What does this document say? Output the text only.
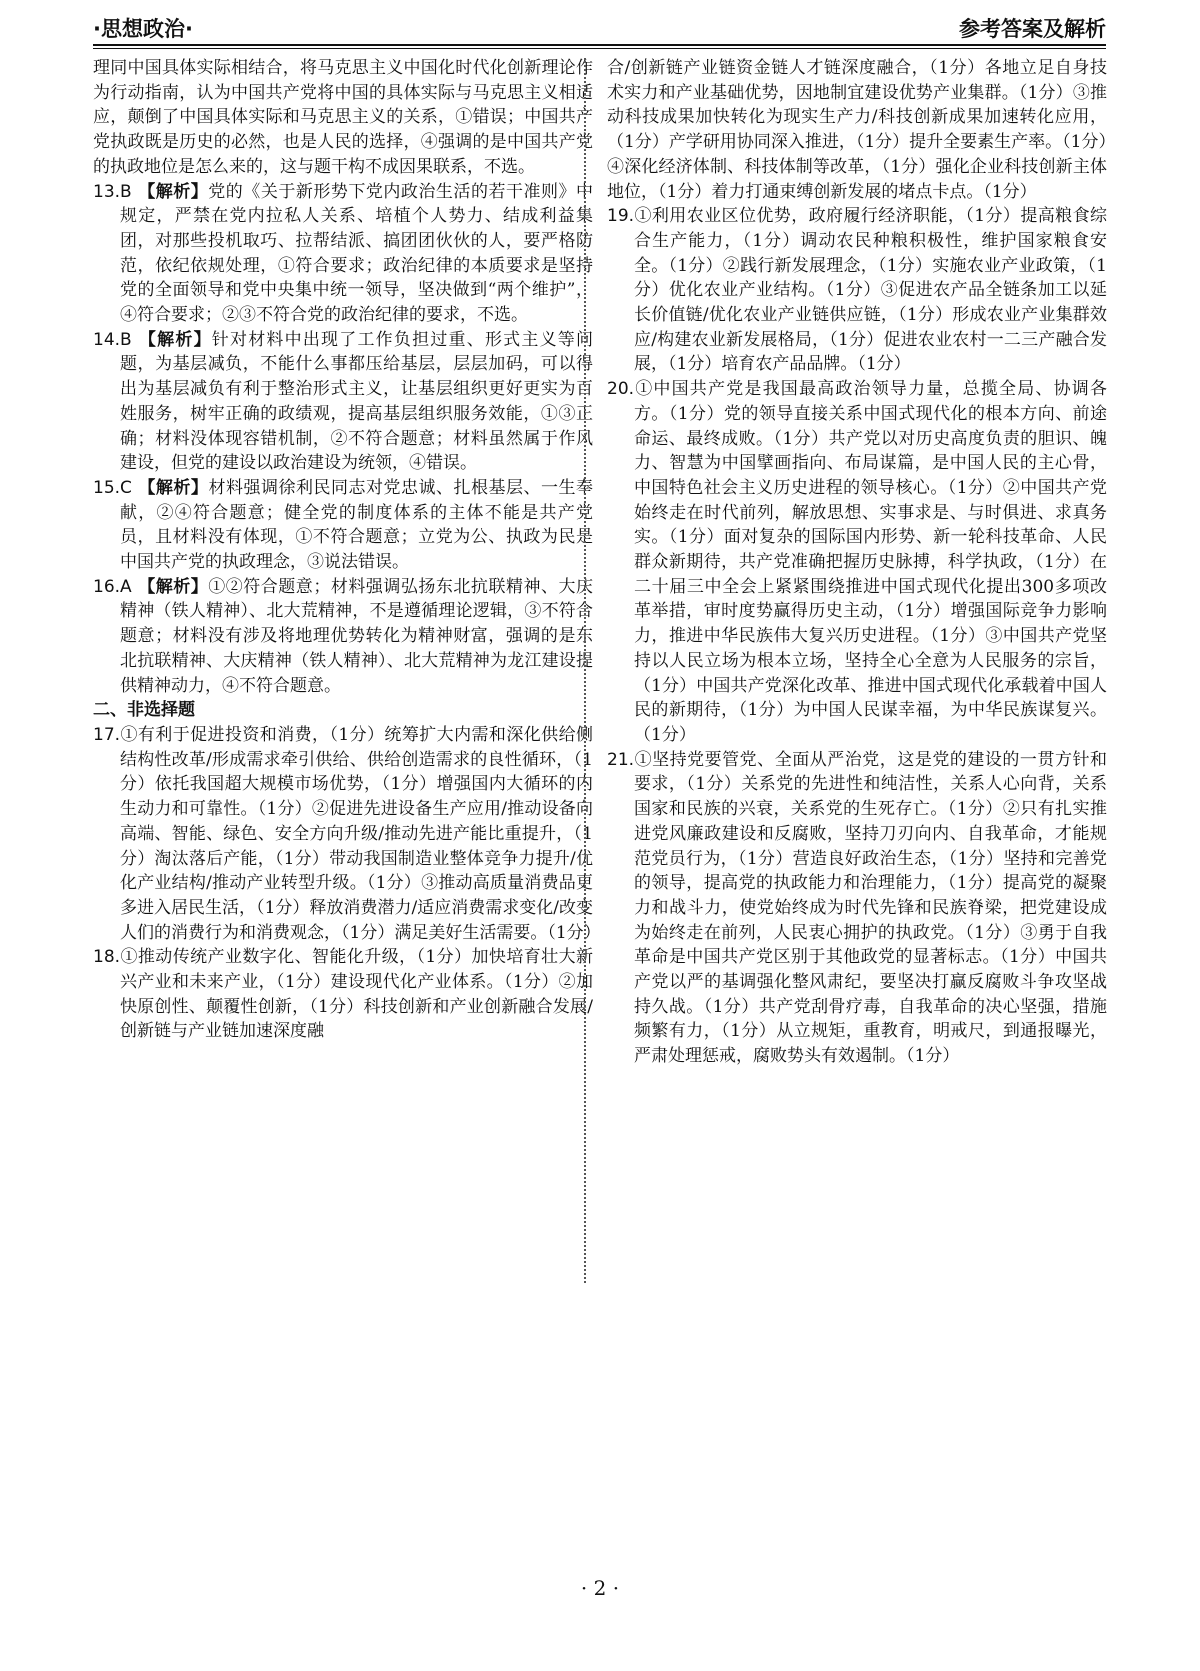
·思想政治·	参考答案及解析

理同中国具体实际相结合，将马克思主义中国化时代化创新理论作为行动指南，认为中国共产党将中国的具体实际与马克思主义相适应，颠倒了中国具体实际和马克思主义的关系，①错误；中国共产党执政既是历史的必然，也是人民的选择，④强调的是中国共产党的执政地位是怎么来的，这与题干构不成因果联系，不选。

13.B 【解析】党的《关于新形势下党内政治生活的若干准则》中规定，严禁在党内拉私人关系、培植个人势力、结成利益集团，对那些投机取巧、拉帮结派、搞团团伙伙的人，要严格防范，依纪依规处理，①符合要求；政治纪律的本质要求是坚持党的全面领导和党中央集中统一领导，坚决做到“两个维护”，④符合要求；②③不符合党的政治纪律的要求，不选。

14.B 【解析】针对材料中出现了工作负担过重、形式主义等问题，为基层减负，不能什么事都压给基层，层层加码，可以得出为基层减负有利于整治形式主义，让基层组织更好更实为百姓服务，树牢正确的政绩观，提高基层组织服务效能，①③正确；材料没体现容错机制，②不符合题意；材料虽然属于作风建设，但党的建设以政治建设为统领，④错误。

15.C 【解析】材料强调徐利民同志对党忠诚、扎根基层、一生奉献，②④符合题意；健全党的制度体系的主体不能是共产党员，且材料没有体现，①不符合题意；立党为公、执政为民是中国共产党的执政理念，③说法错误。

16.A 【解析】①②符合题意；材料强调弘扬东北抗联精神、大庆精神（铁人精神）、北大荒精神，不是遵循理论逻辑，③不符合题意；材料没有涉及将地理优势转化为精神财富，强调的是东北抗联精神、大庆精神（铁人精神）、北大荒精神为龙江建设提供精神动力，④不符合题意。

二、非选择题

17.①有利于促进投资和消费，（1分）统筹扩大内需和深化供给侧结构性改革/形成需求牵引供给、供给创造需求的良性循环，（1分）依托我国超大规模市场优势，（1分）增强国内大循环的内生动力和可靠性。（1分）②促进先进设备生产应用/推动设备向高端、智能、绿色、安全方向升级/推动先进产能比重提升，（1分）淘汰落后产能，（1分）带动我国制造业整体竞争力提升/优化产业结构/推动产业转型升级。（1分）③推动高质量消费品更多进入居民生活，（1分）释放消费潜力/适应消费需求变化/改变人们的消费行为和消费观念，（1分）满足美好生活需要。（1分）

18.①推动传统产业数字化、智能化升级，（1分）加快培育壮大新兴产业和未来产业，（1分）建设现代化产业体系。（1分）②加快原创性、颠覆性创新，（1分）科技创新和产业创新融合发展/创新链与产业链加速深度融

合/创新链产业链资金链人才链深度融合，（1分）各地立足自身技术实力和产业基础优势，因地制宜建设优势产业集群。（1分）③推动科技成果加快转化为现实生产力/科技创新成果加速转化应用，（1分）产学研用协同深入推进，（1分）提升全要素生产率。（1分）④深化经济体制、科技体制等改革，（1分）强化企业科技创新主体地位，（1分）着力打通束缚创新发展的堵点卡点。（1分）

19.①利用农业区位优势，政府履行经济职能，（1分）提高粮食综合生产能力，（1分）调动农民种粮积极性，维护国家粮食安全。（1分）②践行新发展理念，（1分）实施农业产业政策，（1分）优化农业产业结构。（1分）③促进农产品全链条加工以延长价值链/优化农业产业链供应链，（1分）形成农业产业集群效应/构建农业新发展格局，（1分）促进农业农村一二三产融合发展，（1分）培育农产品品牌。（1分）

20.①中国共产党是我国最高政治领导力量，总揽全局、协调各方。（1分）党的领导直接关系中国式现代化的根本方向、前途命运、最终成败。（1分）共产党以对历史高度负责的胆识、魄力、智慧为中国擘画指向、布局谋篇，是中国人民的主心骨，中国特色社会主义历史进程的领导核心。（1分）②中国共产党始终走在时代前列，解放思想、实事求是、与时俱进、求真务实。（1分）面对复杂的国际国内形势、新一轮科技革命、人民群众新期待，共产党准确把握历史脉搏，科学执政，（1分）在二十届三中全会上紧紧围绕推进中国式现代化提出300多项改革举措，审时度势赢得历史主动，（1分）增强国际竞争力影响力，推进中华民族伟大复兴历史进程。（1分）③中国共产党坚持以人民立场为根本立场，坚持全心全意为人民服务的宗旨，（1分）中国共产党深化改革、推进中国式现代化承载着中国人民的新期待，（1分）为中国人民谋幸福，为中华民族谋复兴。（1分）

21.①坚持党要管党、全面从严治党，这是党的建设的一贯方针和要求，（1分）关系党的先进性和纯洁性，关系人心向背，关系国家和民族的兴衰，关系党的生死存亡。（1分）②只有扎实推进党风廉政建设和反腐败，坚持刀刃向内、自我革命，才能规范党员行为，（1分）营造良好政治生态，（1分）坚持和完善党的领导，提高党的执政能力和治理能力，（1分）提高党的凝聚力和战斗力，使党始终成为时代先锋和民族脊梁，把党建设成为始终走在前列，人民衷心拥护的执政党。（1分）③勇于自我革命是中国共产党区别于其他政党的显著标志。（1分）中国共产党以严的基调强化整风肃纪，要坚决打赢反腐败斗争攻坚战持久战。（1分）共产党刮骨疗毒，自我革命的决心坚强，措施频繁有力，（1分）从立规矩，重教育，明戒尺，到通报曝光，严肃处理惩戒，腐败势头有效遏制。（1分）

· 2 ·
